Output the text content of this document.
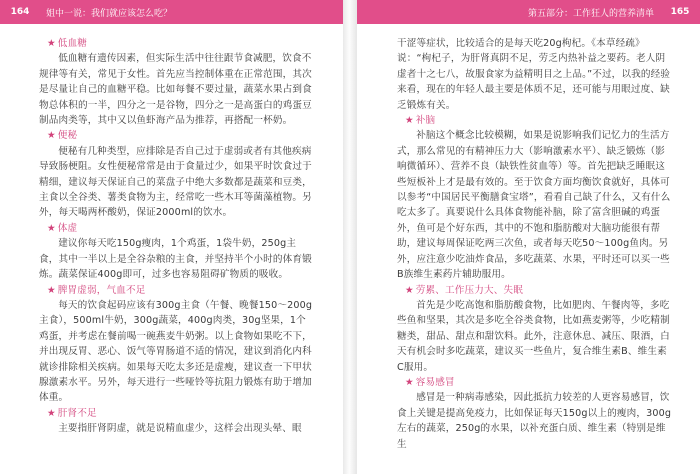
164	姐中一说：我们就应该怎么吃？	第五部分：工作狂人的营养清单	165
★ 低血糖

低血糖有遗传因素，但实际生活中往往跟节食减肥，饮食不规律等有关，常见于女性。首先应当控制体重在正常范围，其次是尽量让自己的血糖平稳。比如每餐不要过量，蔬菜水果占到食物总体积的一半，四分之一是谷物，四分之一是高蛋白的鸡蛋豆制品肉类等，其中又以鱼虾海产品为推荐，再搭配一杯奶。

★ 便秘

便秘有几种类型，应排除是否自己过于虚弱或者有其他疾病导致肠梗阻。女性便秘常常是由于食量过少，如果平时饮食过于精细，建议每天保证自己的菜盘子中绝大多数都是蔬菜和豆类，主食以全谷类、薯类食物为主，经常吃一些木耳等菌藻植物。另外，每天喝两杯酸奶，保证2000ml的饮水。

★ 体虚

建议你每天吃150g瘦肉，1个鸡蛋，1袋牛奶，250g主食，其中一半以上是全谷杂粮的主食，并坚持半个小时的体育锻炼。蔬菜保证400g即可，过多也容易阻碍矿物质的吸收。

★ 脾胃虚弱，气血不足

每天的饮食起码应该有300g主食（午餐、晚餐150～200g主食），500ml牛奶，300g蔬菜，400g肉类，30g坚果，1个鸡蛋，并考虑在餐前喝一碗燕麦牛奶粥。以上食物如果吃不下，并出现反胃、恶心、饭气等胃肠道不适的情况，建议到消化内科就诊排除相关疾病。如果每天吃太多还是虚瘦，建议查一下甲状腺激素水平。另外，每天进行一些哑铃等抗阻力锻炼有助于增加体重。

★ 肝肾不足

主要指肝肾阴虚，就是说精血虚少，这样会出现头晕、眼

干涩等症状，比较适合的是每天吃20g枸杞。《本草经疏》说：“枸杞子，为肝肾真阴不足，劳乏内热补益之要药。老人阴虚者十之七八，故服食家为益精明目之上品。”不过，以我的经验来看，现在的年轻人最主要是体质不足，还可能与用眼过度、缺乏锻炼有关。

★ 补脑

补脑这个概念比较模糊，如果是说影响我们记忆力的生活方式，那么常见的有精神压力大（影响激素水平）、缺乏锻炼（影响微循环）、营养不良（缺铁性贫血等）等。首先把缺乏睡眠这些短板补上才是最有效的。至于饮食方面均衡饮食就好，具体可以参考“中国居民平衡膳食宝塔”，看看自己缺了什么，又有什么吃太多了。真要说什么具体食物能补脑，除了富含胆碱的鸡蛋外，鱼可是个好东西，其中的不饱和脂肪酸对大脑功能很有帮助，建议每周保证吃两三次鱼，或者每天吃50～100g鱼肉。另外，应注意少吃油炸食品，多吃蔬菜、水果，平时还可以买一些B族维生素药片辅助服用。

★ 劳累、工作压力大、失眠

首先是少吃高饱和脂肪酸食物，比如肥肉、午餐肉等，多吃些鱼和坚果，其次是多吃全谷类食物，比如燕麦粥等，少吃精制糖类，甜品、甜点和甜饮料。此外，注意休息、减压、限酒，白天有机会时多吃蔬菜，建议买一些鱼片，复合维生素B、维生素C服用。

★ 容易感冒

感冒是一种病毒感染，因此抵抗力较差的人更容易感冒，饮食上关键是提高免疫力，比如保证每天150g以上的瘦肉，300g左右的蔬菜，250g的水果，以补充蛋白质、维生素（特别是维生
